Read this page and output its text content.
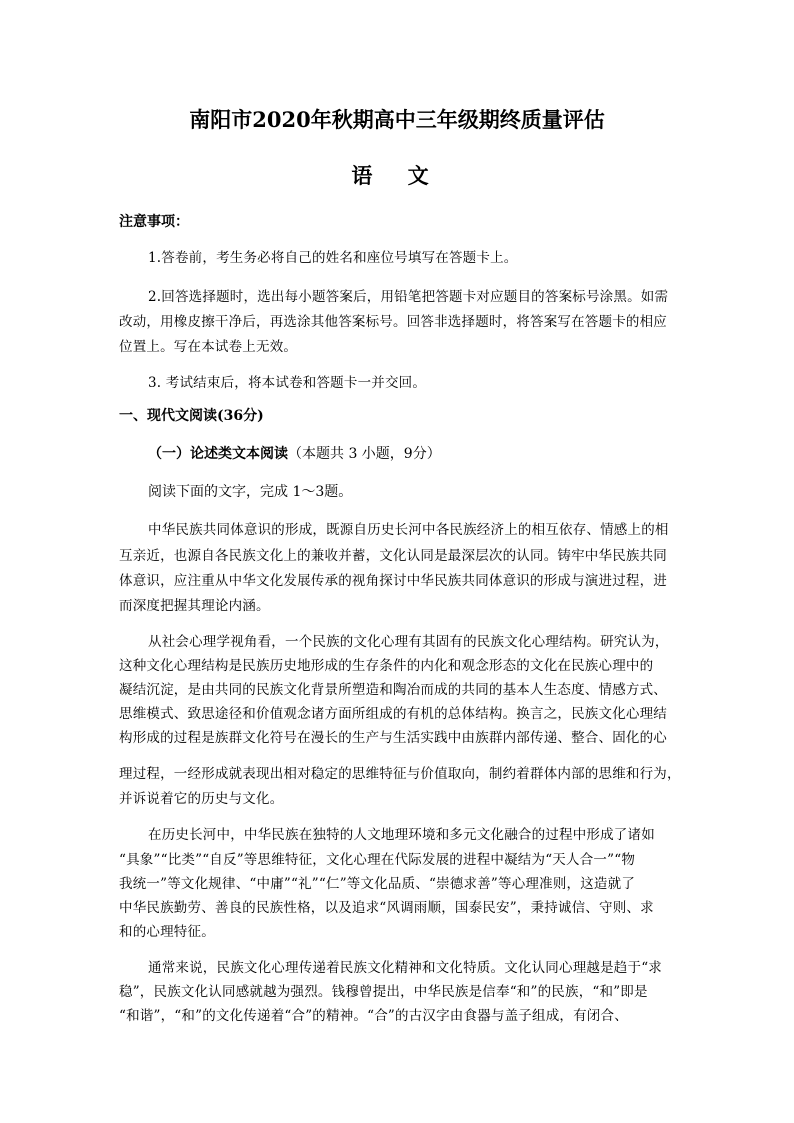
南阳市2020年秋期高中三年级期终质量评估
语 文
注意事项：
1.答卷前，考生务必将自己的姓名和座位号填写在答题卡上。
2.回答选择题时，选出每小题答案后，用铅笔把答题卡对应题目的答案标号涂黑。如需
改动，用橡皮擦干净后，再选涂其他答案标号。回答非选择题时，将答案写在答题卡的相应
位置上。写在本试卷上无效。
3. 考试结束后，将本试卷和答题卡一并交回。
一、现代文阅读(36分)
（一）论述类文本阅读（本题共 3 小题，9分）
阅读下面的文字，完成 1～3题。
中华民族共同体意识的形成，既源自历史长河中各民族经济上的相互依存、情感上的相
互亲近，也源自各民族文化上的兼收并蓄，文化认同是最深层次的认同。铸牢中华民族共同
体意识，应注重从中华文化发展传承的视角探讨中华民族共同体意识的形成与演进过程，进
而深度把握其理论内涵。
从社会心理学视角看，一个民族的文化心理有其固有的民族文化心理结构。研究认为，
这种文化心理结构是民族历史地形成的生存条件的内化和观念形态的文化在民族心理中的
凝结沉淀，是由共同的民族文化背景所塑造和陶冶而成的共同的基本人生态度、情感方式、
思维模式、致思途径和价值观念诸方面所组成的有机的总体结构。换言之，民族文化心理结
构形成的过程是族群文化符号在漫长的生产与生活实践中由族群内部传递、整合、固化的心
理过程，一经形成就表现出相对稳定的思维特征与价值取向，制约着群体内部的思维和行为，
并诉说着它的历史与文化。
在历史长河中，中华民族在独特的人文地理环境和多元文化融合的过程中形成了诸如
“具象”“比类”“自反”等思维特征，文化心理在代际发展的进程中凝结为“天人合一”“物
我统一”等文化规律、“中庸”“礼”“仁”等文化品质、“崇德求善”等心理准则，这造就了
中华民族勤劳、善良的民族性格，以及追求“风调雨顺，国泰民安”，秉持诚信、守则、求
和的心理特征。
通常来说，民族文化心理传递着民族文化精神和文化特质。文化认同心理越是趋于“求
稳”，民族文化认同感就越为强烈。钱穆曾提出，中华民族是信奉“和”的民族，“和”即是
“和谐”，“和”的文化传递着“合”的精神。“合”的古汉字由食器与盖子组成，有闭合、
